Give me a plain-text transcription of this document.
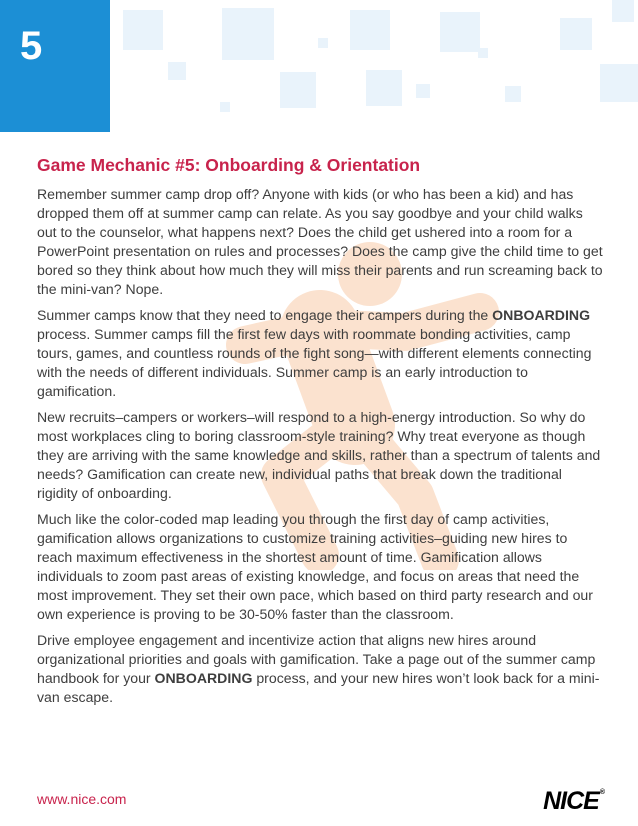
5
Game Mechanic #5: Onboarding & Orientation

Remember summer camp drop off? Anyone with kids (or who has been a kid) and has dropped them off at summer camp can relate. As you say goodbye and your child walks out to the counselor, what happens next? Does the child get ushered into a room for a PowerPoint presentation on rules and processes? Does the camp give the child time to get bored so they think about how much they will miss their parents and run screaming back to the mini-van? Nope.

Summer camps know that they need to engage their campers during the ONBOARDING process. Summer camps fill the first few days with roommate bonding activities, camp tours, games, and countless rounds of the fight song—with different elements connecting with the needs of different individuals. Summer camp is an early introduction to gamification.

New recruits–campers or workers–will respond to a high-energy introduction. So why do most workplaces cling to boring classroom-style training? Why treat everyone as though they are arriving with the same knowledge and skills, rather than a spectrum of talents and needs? Gamification can create new, individual paths that break down the traditional rigidity of onboarding.

Much like the color-coded map leading you through the first day of camp activities, gamification allows organizations to customize training activities–guiding new hires to reach maximum effectiveness in the shortest amount of time. Gamification allows individuals to zoom past areas of existing knowledge, and focus on areas that need the most improvement. They set their own pace, which based on third party research and our own experience is proving to be 30-50% faster than the classroom.

Drive employee engagement and incentivize action that aligns new hires around organizational priorities and goals with gamification. Take a page out of the summer camp handbook for your ONBOARDING process, and your new hires won’t look back for a mini-van escape.

www.nice.com	NICE®
